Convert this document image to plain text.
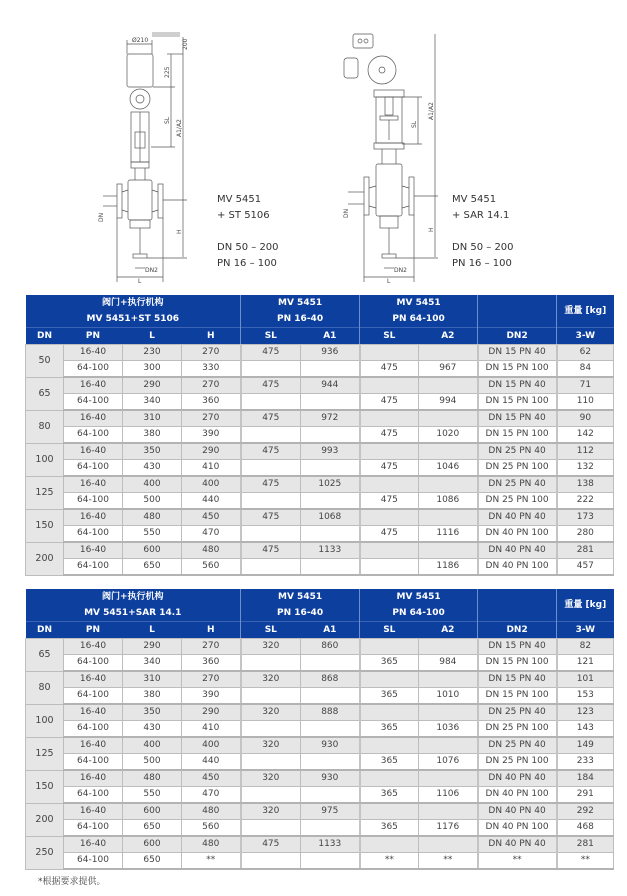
Ø210	200
225
SL A1/A2
H
DN
DN2
L
MV 5451
+ ST 5106
DN 50 – 200
PN 16 – 100
SL
A1/A2
H
DN
DN2
L
MV 5451
+ SAR 14.1
DN 50 – 200
PN 16 – 100
阀门+执行机构				MV 5451		MV 5451			重量 [kg]
MV 5451+ST 5106				PN 16-40		PN 64-100			
DN	PN	L	H	SL	A1	SL	A2	DN2	3-W
50	16-40	230	270	475	936			DN 15 PN 40	62
	64-100	300	330			475	967	DN 15 PN 100	84
65	16-40	290	270	475	944			DN 15 PN 40	71
	64-100	340	360			475	994	DN 15 PN 100	110
80	16-40	310	270	475	972			DN 15 PN 40	90
	64-100	380	390			475	1020	DN 15 PN 100	142
100	16-40	350	290	475	993			DN 25 PN 40	112
	64-100	430	410			475	1046	DN 25 PN 100	132
125	16-40	400	400	475	1025			DN 25 PN 40	138
	64-100	500	440			475	1086	DN 25 PN 100	222
150	16-40	480	450	475	1068			DN 40 PN 40	173
	64-100	550	470			475	1116	DN 40 PN 100	280
200	16-40	600	480	475	1133			DN 40 PN 40	281
	64-100	650	560				1186	DN 40 PN 100	457
阀门+执行机构				MV 5451		MV 5451			重量 [kg]
MV 5451+SAR 14.1				PN 16-40		PN 64-100			
DN	PN	L	H	SL	A1	SL	A2	DN2	3-W
65	16-40	290	270	320	860			DN 15 PN 40	82
	64-100	340	360			365	984	DN 15 PN 100	121
80	16-40	310	270	320	868			DN 15 PN 40	101
	64-100	380	390			365	1010	DN 15 PN 100	153
100	16-40	350	290	320	888			DN 25 PN 40	123
	64-100	430	410			365	1036	DN 25 PN 100	143
125	16-40	400	400	320	930			DN 25 PN 40	149
	64-100	500	440			365	1076	DN 25 PN 100	233
150	16-40	480	450	320	930			DN 40 PN 40	184
	64-100	550	470			365	1106	DN 40 PN 100	291
200	16-40	600	480	320	975			DN 40 PN 40	292
	64-100	650	560			365	1176	DN 40 PN 100	468
250	16-40	600	480	475	1133			DN 40 PN 40	281
	64-100	650	**			**	**	**	**
*根据要求提供。
